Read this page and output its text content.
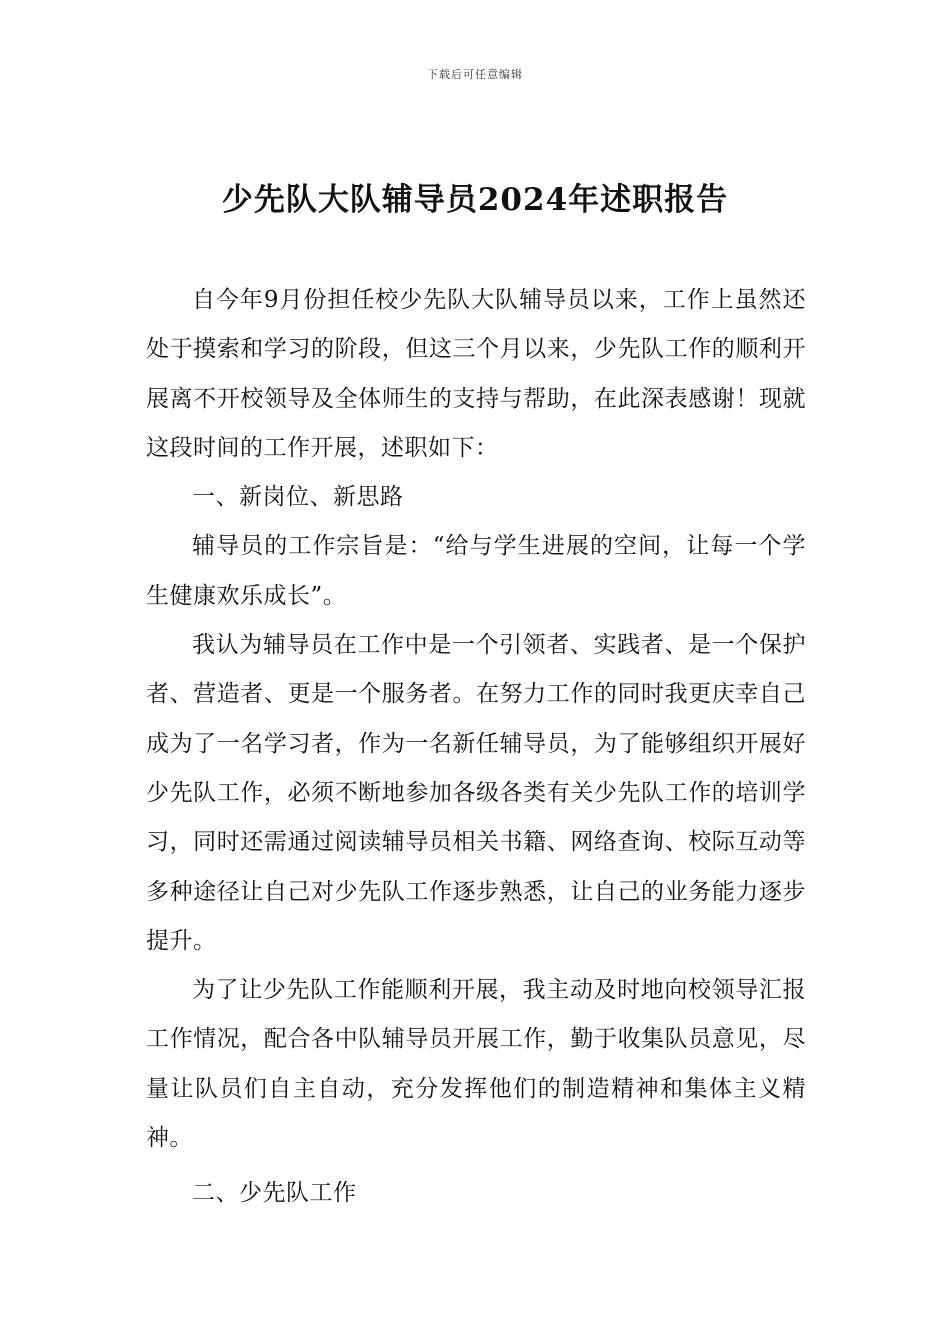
下载后可任意编辑
少先队大队辅导员2024年述职报告

自今年9月份担任校少先队大队辅导员以来，工作上虽然还处于摸索和学习的阶段，但这三个月以来，少先队工作的顺利开展离不开校领导及全体师生的支持与帮助，在此深表感谢！现就这段时间的工作开展，述职如下：

一、新岗位、新思路

辅导员的工作宗旨是：“给与学生进展的空间，让每一个学生健康欢乐成长”。

我认为辅导员在工作中是一个引领者、实践者、是一个保护者、营造者、更是一个服务者。在努力工作的同时我更庆幸自己成为了一名学习者，作为一名新任辅导员，为了能够组织开展好少先队工作，必须不断地参加各级各类有关少先队工作的培训学习，同时还需通过阅读辅导员相关书籍、网络查询、校际互动等多种途径让自己对少先队工作逐步熟悉，让自己的业务能力逐步提升。

为了让少先队工作能顺利开展，我主动及时地向校领导汇报工作情况，配合各中队辅导员开展工作，勤于收集队员意见，尽量让队员们自主自动，充分发挥他们的制造精神和集体主义精神。

二、少先队工作
